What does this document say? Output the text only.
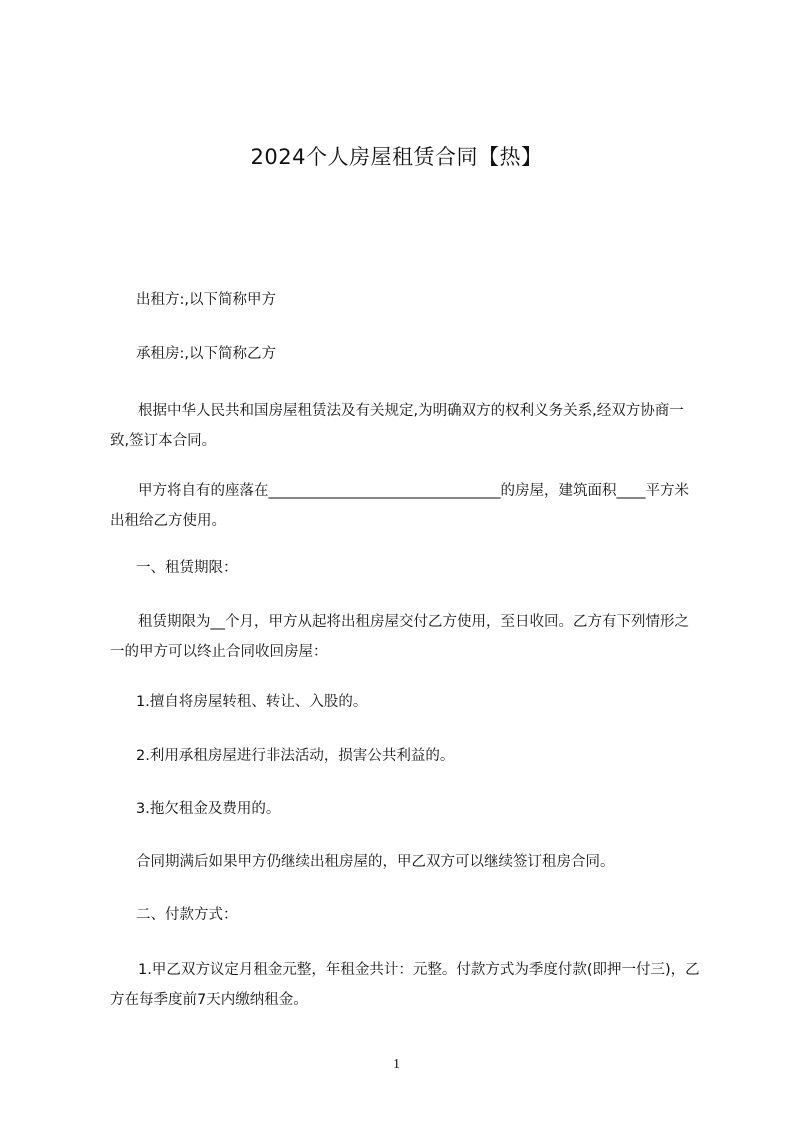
2024个人房屋租赁合同【热】

出租方:,以下简称甲方

承租房:,以下简称乙方

根据中华人民共和国房屋租赁法及有关规定,为明确双方的权利义务关系,经双方协商一致,签订本合同。

甲方将自有的座落在________________________________的房屋，建筑面积____平方米出租给乙方使用。

一、租赁期限：

租赁期限为__个月，甲方从起将出租房屋交付乙方使用，至日收回。乙方有下列情形之一的甲方可以终止合同收回房屋：

1.擅自将房屋转租、转让、入股的。

2.利用承租房屋进行非法活动，损害公共利益的。

3.拖欠租金及费用的。

合同期满后如果甲方仍继续出租房屋的，甲乙双方可以继续签订租房合同。

二、付款方式：

1.甲乙双方议定月租金元整，年租金共计：元整。付款方式为季度付款(即押一付三)，乙方在每季度前7天内缴纳租金。

1
